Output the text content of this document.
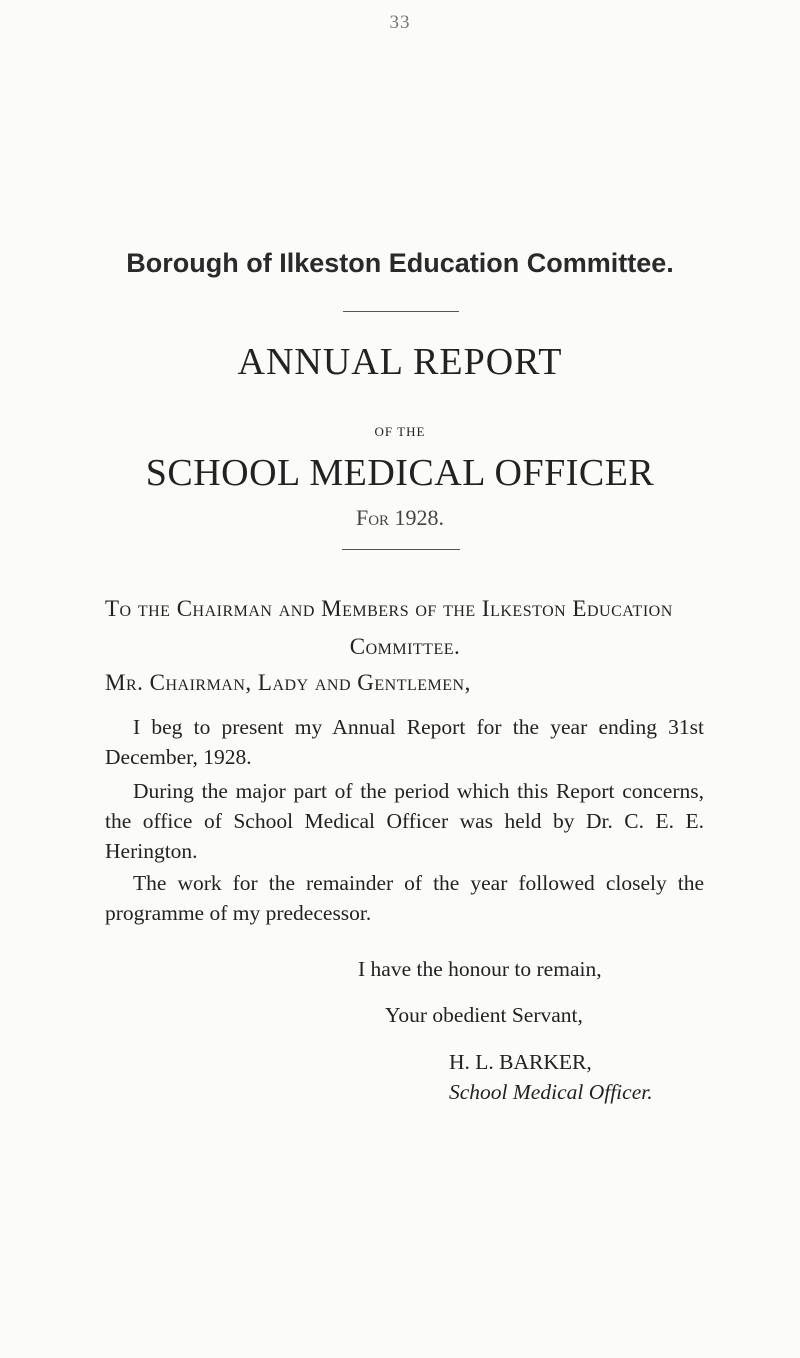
33
Borough of Ilkeston Education Committee.
ANNUAL REPORT
OF THE
SCHOOL MEDICAL OFFICER
For 1928.
To the Chairman and Members of the Ilkeston Education
Committee.
Mr. Chairman, Lady and Gentlemen,
I beg to present my Annual Report for the year ending 31st December, 1928.
During the major part of the period which this Report concerns, the office of School Medical Officer was held by Dr. C. E. E. Herington.
The work for the remainder of the year followed closely the programme of my predecessor.
I have the honour to remain,
Your obedient Servant,
H. L. BARKER,
School Medical Officer.
